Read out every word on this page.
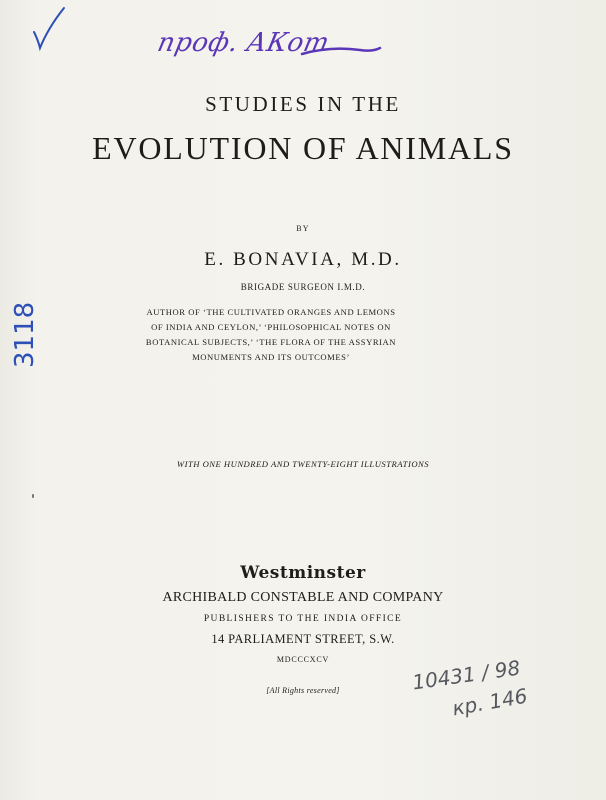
проф. АКот
STUDIES IN THE
EVOLUTION OF ANIMALS
BY
E. BONAVIA, M.D.
BRIGADE SURGEON I.M.D.
AUTHOR OF ‘THE CULTIVATED ORANGES AND LEMONS
OF INDIA AND CEYLON,’ ‘PHILOSOPHICAL NOTES ON
BOTANICAL SUBJECTS,’ ‘THE FLORA OF THE ASSYRIAN
MONUMENTS AND ITS OUTCOMES’
3118
WITH ONE HUNDRED AND TWENTY-EIGHT ILLUSTRATIONS
Westminster
ARCHIBALD CONSTABLE AND COMPANY
PUBLISHERS TO THE INDIA OFFICE
14 PARLIAMENT STREET, S.W.
MDCCCXCV
[All Rights reserved]	10431 / 98
кр. 146
